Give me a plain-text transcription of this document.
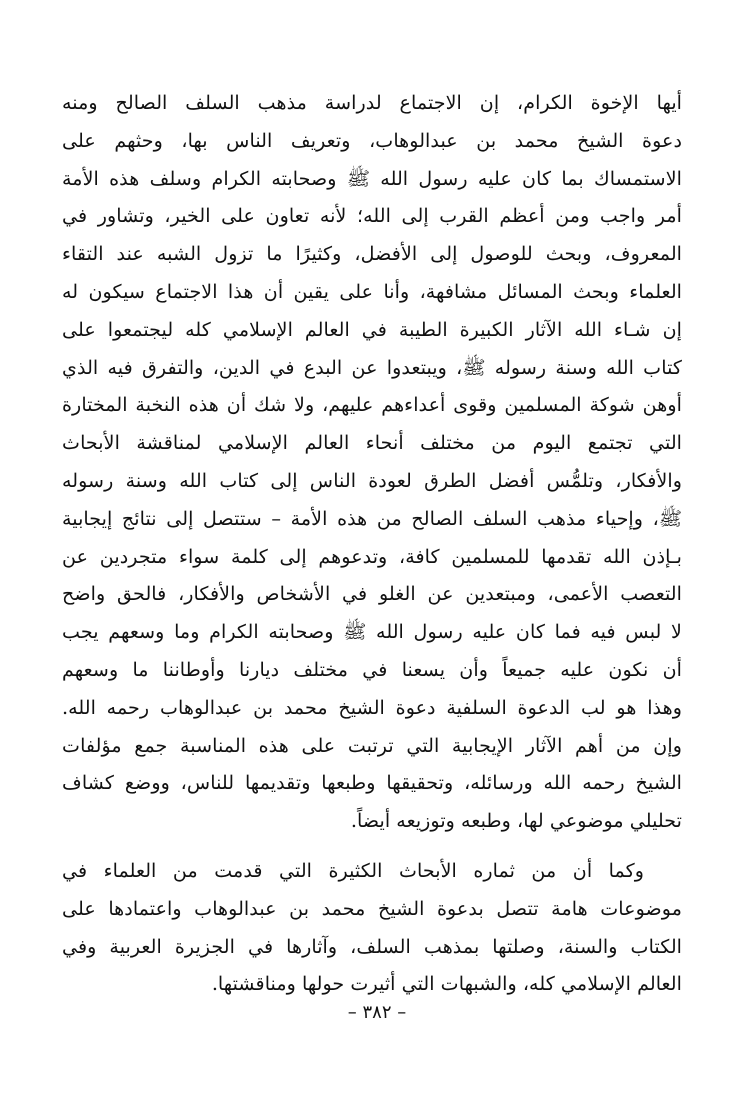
أيها الإخوة الكرام، إن الاجتماع لدراسة مذهب السلف الصالح ومنه
دعوة الشيخ محمد بن عبدالوهاب، وتعريف الناس بها، وحثهم على
الاستمساك بما كان عليه رسول الله ﷺ وصحابته الكرام وسلف هذه الأمة
أمر واجب ومن أعظم القرب إلى الله؛ لأنه تعاون على الخير، وتشاور في
المعروف، وبحث للوصول إلى الأفضل، وكثيرًا ما تزول الشبه عند التقاء
العلماء وبحث المسائل مشافهة، وأنا على يقين أن هذا الاجتماع سيكون له
إن شـاء الله الآثار الكبيرة الطيبة في العالم الإسلامي كله ليجتمعوا على
كتاب الله وسنة رسوله ﷺ، ويبتعدوا عن البدع في الدين، والتفرق فيه الذي
أوهن شوكة المسلمين وقوى أعداءهم عليهم، ولا شك أن هذه النخبة المختارة
التي تجتمع اليوم من مختلف أنحاء العالم الإسلامي لمناقشة الأبحاث
والأفكار، وتلمُّس أفضل الطرق لعودة الناس إلى كتاب الله وسنة رسوله
ﷺ، وإحياء مذهب السلف الصالح من هذه الأمة – ستتصل إلى نتائج إيجابية
بـإذن الله تقدمها للمسلمين كافة، وتدعوهم إلى كلمة سواء متجردين عن
التعصب الأعمى، ومبتعدين عن الغلو في الأشخاص والأفكار، فالحق واضح
لا لبس فيه فما كان عليه رسول الله ﷺ وصحابته الكرام وما وسعهم يجب
أن نكون عليه جميعاً وأن يسعنا في مختلف ديارنا وأوطاننا ما وسعهم
وهذا هو لب الدعوة السلفية دعوة الشيخ محمد بن عبدالوهاب رحمه الله.
وإن من أهم الآثار الإيجابية التي ترتبت على هذه المناسبة جمع مؤلفات
الشيخ رحمه الله ورسائله، وتحقيقها وطبعها وتقديمها للناس، ووضع كشاف
تحليلي موضوعي لها، وطبعه وتوزيعه أيضاً.
وكما أن من ثماره الأبحاث الكثيرة التي قدمت من العلماء في
موضوعات هامة تتصل بدعوة الشيخ محمد بن عبدالوهاب واعتمادها على
الكتاب والسنة، وصلتها بمذهب السلف، وآثارها في الجزيرة العربية وفي
العالم الإسلامي كله، والشبهات التي أثيرت حولها ومناقشتها.
– ٣٨٢ –
